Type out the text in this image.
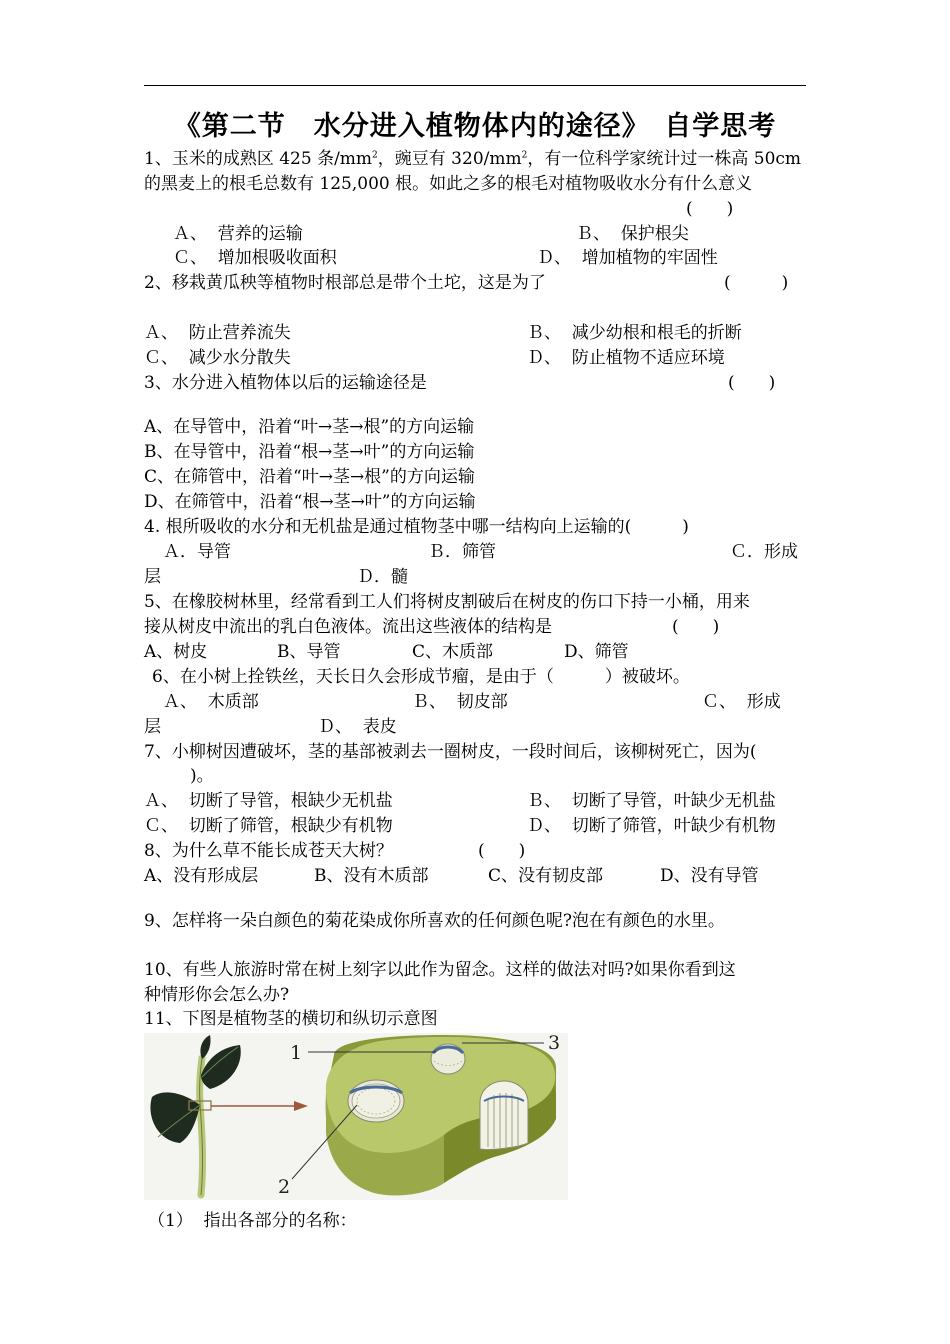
《第二节　水分进入植物体内的途径》　自学思考
1、玉米的成熟区 425 条$/mm^2$，豌豆有 $320/mm^2$，有一位科学家统计过一株高 50cm
的黑麦上的根毛总数有 125,000 根。如此之多的根毛对植物吸收水分有什么意义
(　　)
Ａ、  营养的运输	Ｂ、  保护根尖
Ｃ、  增加根吸收面积	Ｄ、  增加植物的牢固性
2、移栽黄瓜秧等植物时根部总是带个土坨，这是为了	(　　　)
Ａ、  防止营养流失	Ｂ、  减少幼根和根毛的折断
Ｃ、  减少水分散失	Ｄ、  防止植物不适应环境
3、水分进入植物体以后的运输途径是	(　　)
A、在导管中，沿着“叶→茎→根”的方向运输
B、在导管中，沿着“根→茎→叶”的方向运输
C、在筛管中，沿着“叶→茎→根”的方向运输
D、在筛管中，沿着“根→茎→叶”的方向运输
4. 根所吸收的水分和无机盐是通过植物茎中哪一结构向上运输的(　　　)
Ａ．导管	Ｂ．筛管	Ｃ．形成
层	Ｄ．髓
5、在橡胶树林里，经常看到工人们将树皮割破后在树皮的伤口下持一小桶，用来
接从树皮中流出的乳白色液体。流出这些液体的结构是	(　　)
A、树皮	B、导管	C、木质部	D、筛管
6、在小树上拴铁丝，天长日久会形成节瘤，是由于（　　　）被破坏。
Ａ、  木质部	Ｂ、  韧皮部	Ｃ、  形成
层	Ｄ、  表皮
7、小柳树因遭破坏，茎的基部被剥去一圈树皮，一段时间后，该柳树死亡，因为(
)。
Ａ、  切断了导管，根缺少无机盐	Ｂ、  切断了导管，叶缺少无机盐
Ｃ、  切断了筛管，根缺少有机物	Ｄ、  切断了筛管，叶缺少有机物
8、为什么草不能长成苍天大树？	(　　)
A、没有形成层	B、没有木质部	C、没有韧皮部	D、没有导管
9、怎样将一朵白颜色的菊花染成你所喜欢的任何颜色呢?泡在有颜色的水里。
10、有些人旅游时常在树上刻字以此作为留念。这样的做法对吗?如果你看到这
种情形你会怎么办?
11、下图是植物茎的横切和纵切示意图
1	3
2
（1）  指出各部分的名称：
